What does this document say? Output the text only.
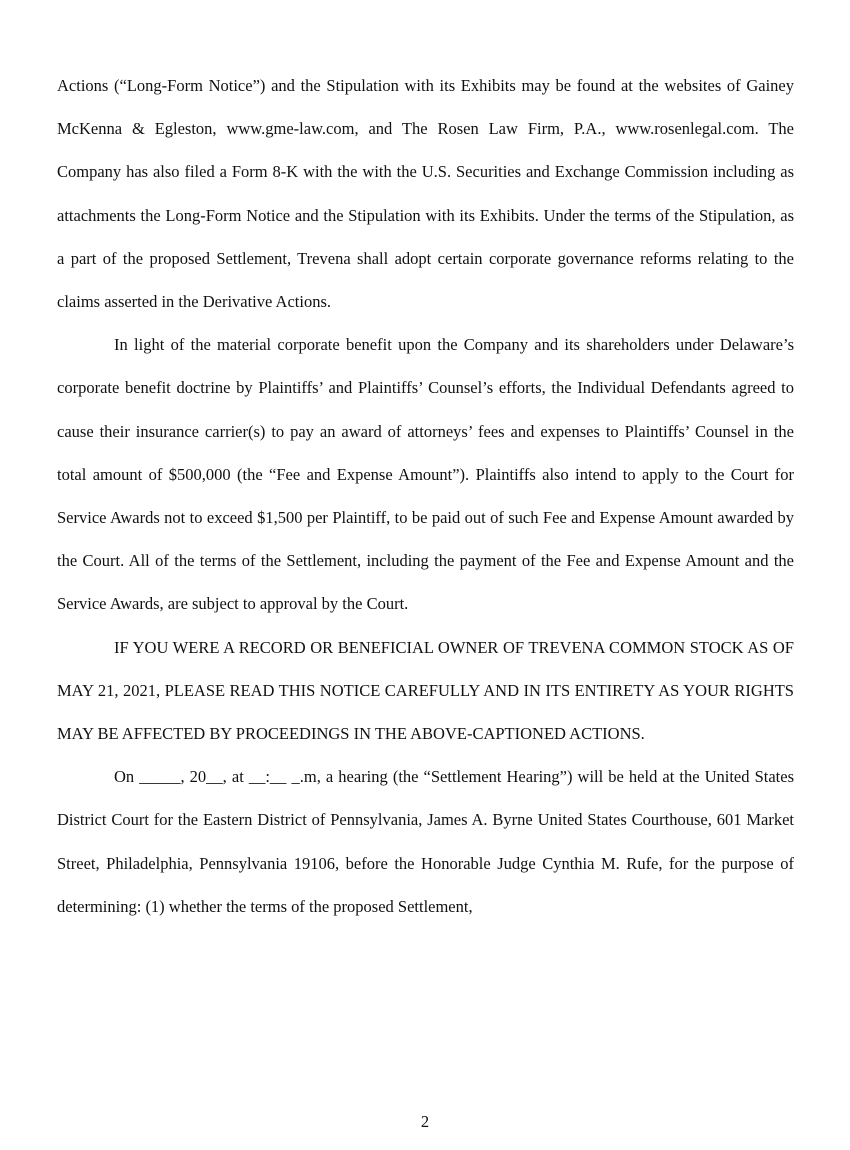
Actions (“Long-Form Notice”) and the Stipulation with its Exhibits may be found at the websites of Gainey McKenna & Egleston, www.gme-law.com, and The Rosen Law Firm, P.A., www.rosenlegal.com. The Company has also filed a Form 8-K with the with the U.S. Securities and Exchange Commission including as attachments the Long-Form Notice and the Stipulation with its Exhibits. Under the terms of the Stipulation, as a part of the proposed Settlement, Trevena shall adopt certain corporate governance reforms relating to the claims asserted in the Derivative Actions.

In light of the material corporate benefit upon the Company and its shareholders under Delaware’s corporate benefit doctrine by Plaintiffs’ and Plaintiffs’ Counsel’s efforts, the Individual Defendants agreed to cause their insurance carrier(s) to pay an award of attorneys’ fees and expenses to Plaintiffs’ Counsel in the total amount of $500,000 (the “Fee and Expense Amount”). Plaintiffs also intend to apply to the Court for Service Awards not to exceed $1,500 per Plaintiff, to be paid out of such Fee and Expense Amount awarded by the Court. All of the terms of the Settlement, including the payment of the Fee and Expense Amount and the Service Awards, are subject to approval by the Court.

IF YOU WERE A RECORD OR BENEFICIAL OWNER OF TREVENA COMMON STOCK AS OF MAY 21, 2021, PLEASE READ THIS NOTICE CAREFULLY AND IN ITS ENTIRETY AS YOUR RIGHTS MAY BE AFFECTED BY PROCEEDINGS IN THE ABOVE-CAPTIONED ACTIONS.

On _____, 20__, at __:__ _.m, a hearing (the “Settlement Hearing”) will be held at the United States District Court for the Eastern District of Pennsylvania, James A. Byrne United States Courthouse, 601 Market Street, Philadelphia, Pennsylvania 19106, before the Honorable Judge Cynthia M. Rufe, for the purpose of determining: (1) whether the terms of the proposed Settlement,

2
